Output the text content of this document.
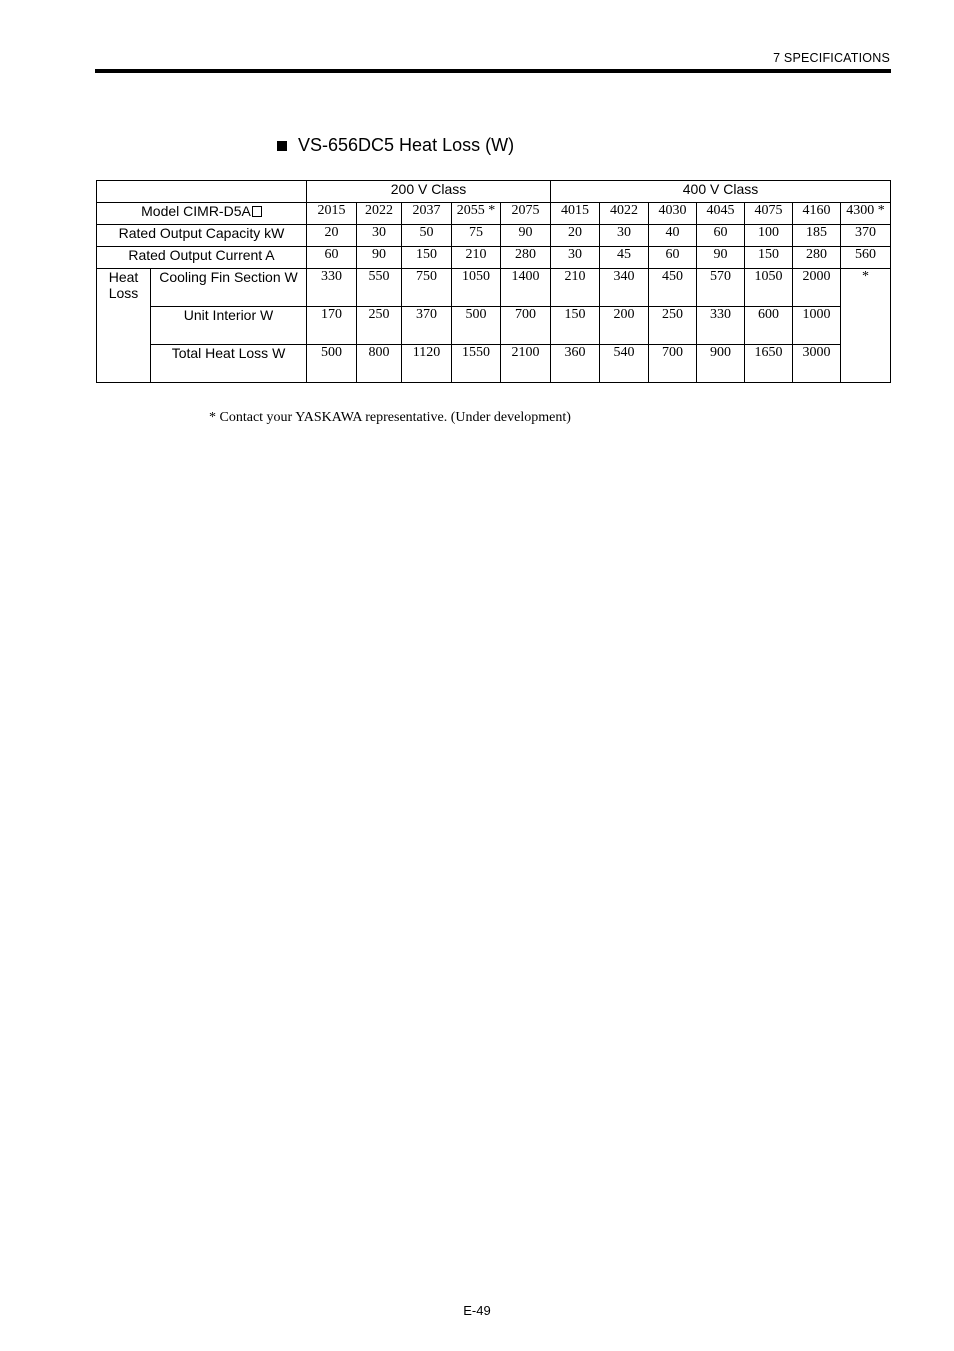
7 SPECIFICATIONS
VS-656DC5 Heat Loss (W)
		200 V Class					400 V Class						
Model CIMR-D5A		2015	2022	2037	2055 *	2075	4015	4022	4030	4045	4075	4160	4300 *
Rated Output Capacity kW		20	30	50	75	90	20	30	40	60	100	185	370
Rated Output Current A		60	90	150	210	280	30	45	60	90	150	280	560
Heat Loss	Cooling Fin Section W	330	550	750	1050	1400	210	340	450	570	1050	2000	*
	Unit Interior W	170	250	370	500	700	150	200	250	330	600	1000	
	Total Heat Loss W	500	800	1120	1550	2100	360	540	700	900	1650	3000	
* Contact your YASKAWA representative. (Under development)
E-49
